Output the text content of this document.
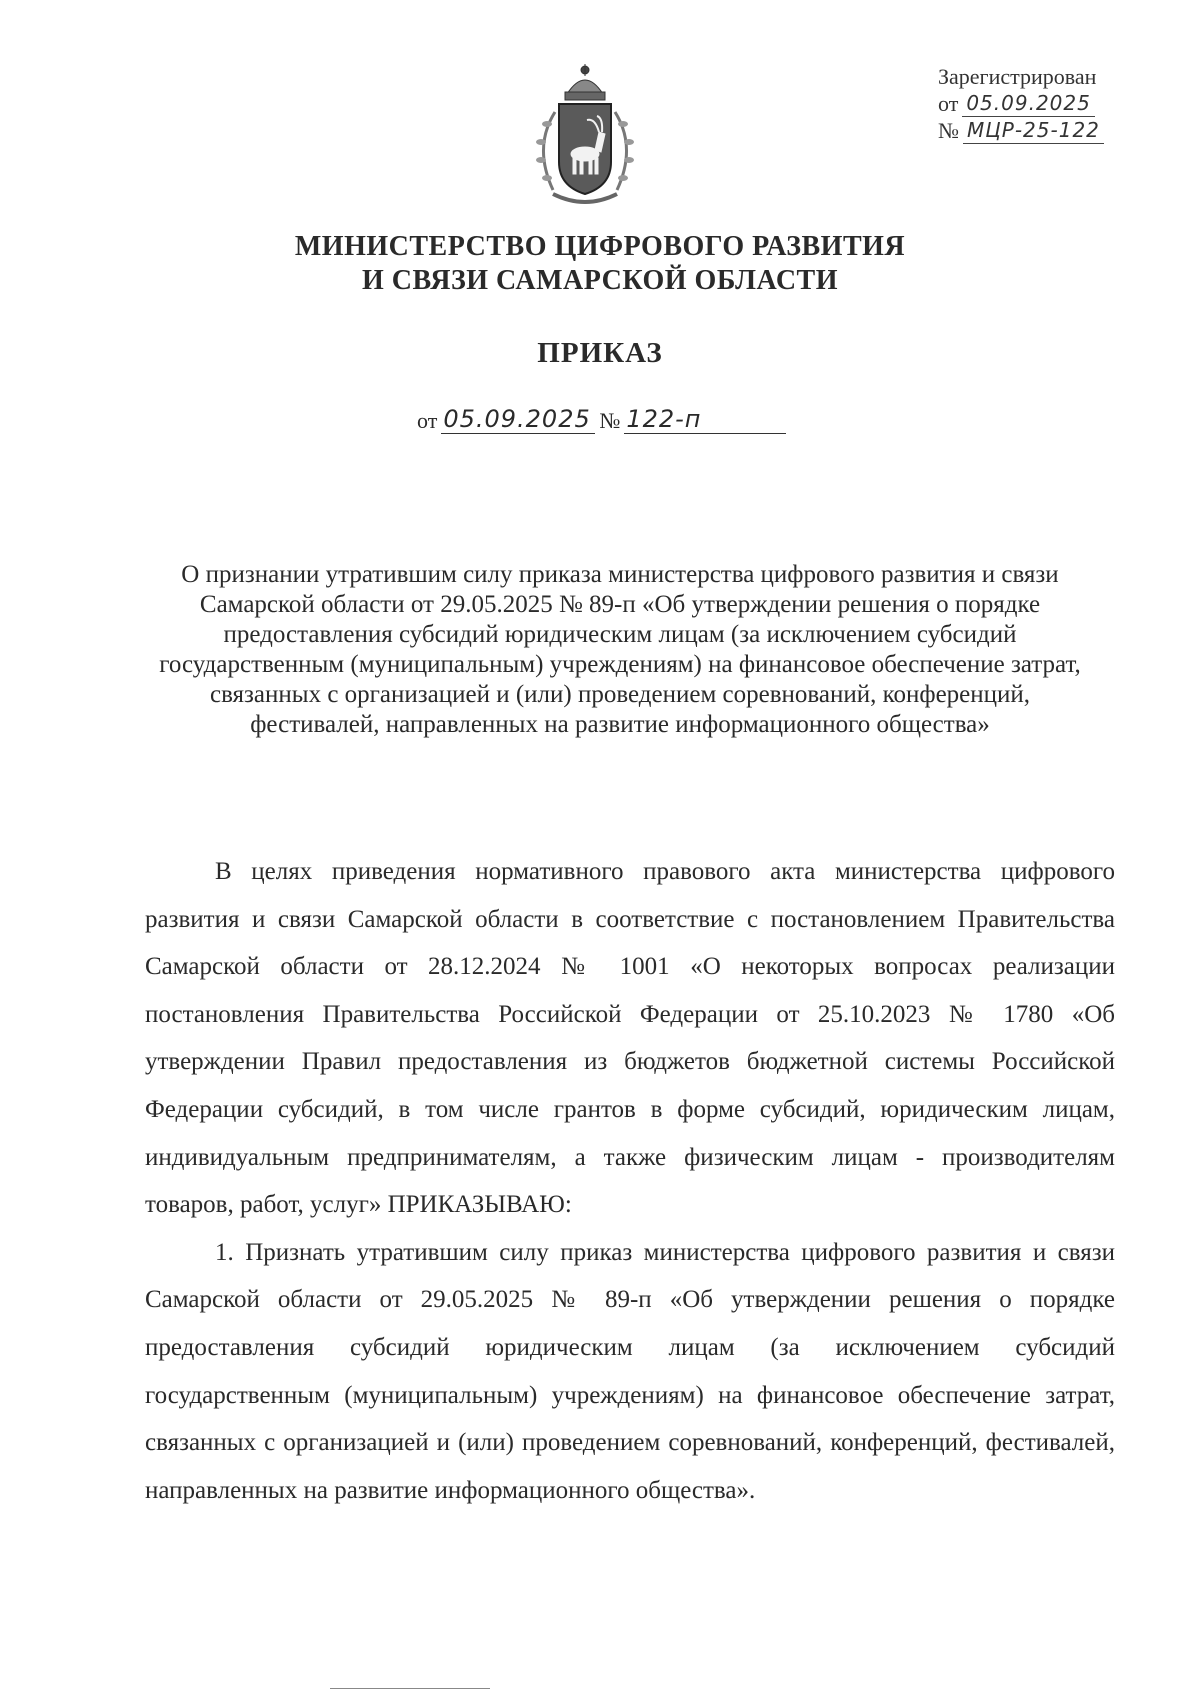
Зарегистрирован
от 05.09.2025
№ МЦР-25-122
МИНИСТЕРСТВО ЦИФРОВОГО РАЗВИТИЯ
И СВЯЗИ САМАРСКОЙ ОБЛАСТИ
ПРИКАЗ
от 05.09.2025 № 122-п
О признании утратившим силу приказа министерства цифрового развития и связи Самарской области от 29.05.2025 № 89-п «Об утверждении решения о порядке предоставления субсидий юридическим лицам (за исключением субсидий государственным (муниципальным) учреждениям) на финансовое обеспечение затрат, связанных с организацией и (или) проведением соревнований, конференций, фестивалей, направленных на развитие информационного общества»

В целях приведения нормативного правового акта министерства цифрового развития и связи Самарской области в соответствие с постановлением Правительства Самарской области от 28.12.2024 № 1001 «О некоторых вопросах реализации постановления Правительства Российской Федерации от 25.10.2023 № 1780 «Об утверждении Правил предоставления из бюджетов бюджетной системы Российской Федерации субсидий, в том числе грантов в форме субсидий, юридическим лицам, индивидуальным предпринимателям, а также физическим лицам - производителям товаров, работ, услуг» ПРИКАЗЫВАЮ:

1. Признать утратившим силу приказ министерства цифрового развития и связи Самарской области от 29.05.2025 № 89-п «Об утверждении решения о порядке предоставления субсидий юридическим лицам (за исключением субсидий государственным (муниципальным) учреждениям) на финансовое обеспечение затрат, связанных с организацией и (или) проведением соревнований, конференций, фестивалей, направленных на развитие информационного общества».
